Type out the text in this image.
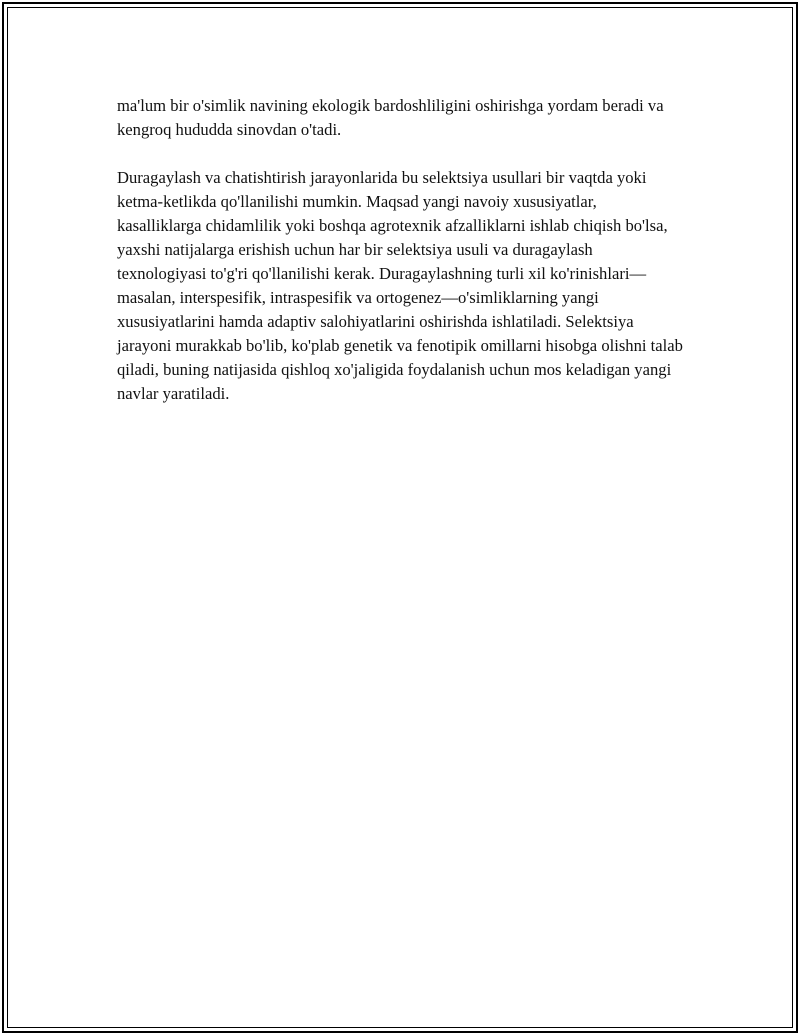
ma'lum bir o'simlik navining ekologik bardoshliligini oshirishga yordam beradi va kengroq hududda sinovdan o'tadi.

Duragaylash va chatishtirish jarayonlarida bu selektsiya usullari bir vaqtda yoki ketma-ketlikda qo'llanilishi mumkin. Maqsad yangi navoiy xususiyatlar, kasalliklarga chidamlilik yoki boshqa agrotexnik afzalliklarni ishlab chiqish bo'lsa, yaxshi natijalarga erishish uchun har bir selektsiya usuli va duragaylash texnologiyasi to'g'ri qo'llanilishi kerak. Duragaylashning turli xil ko'rinishlari—masalan, interspesifik, intraspesifik va ortogenez—o'simliklarning yangi xususiyatlarini hamda adaptiv salohiyatlarini oshirishda ishlatiladi. Selektsiya jarayoni murakkab bo'lib, ko'plab genetik va fenotipik omillarni hisobga olishni talab qiladi, buning natijasida qishloq xo'jaligida foydalanish uchun mos keladigan yangi navlar yaratiladi.
